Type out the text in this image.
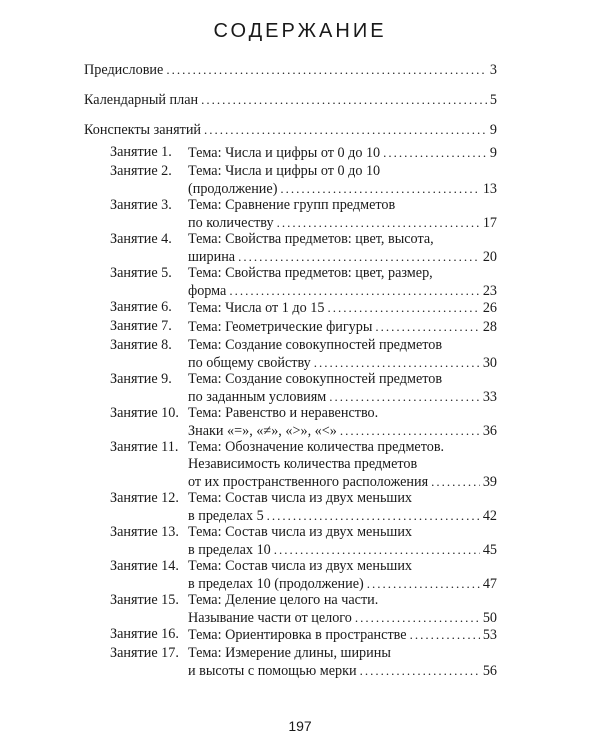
СОДЕРЖАНИЕ
Предисловие .....	3
Календарный план .....	5
Конспекты занятий .....	9
Занятие 1. Тема: Числа и цифры от 0 до 10 .....	9
Занятие 2. Тема: Числа и цифры от 0 до 10
(продолжение) .....	13
Занятие 3. Тема: Сравнение групп предметов
по количеству .....	17
Занятие 4. Тема: Свойства предметов: цвет, высота,
ширина .....	20
Занятие 5. Тема: Свойства предметов: цвет, размер,
форма .....	23
Занятие 6. Тема: Числа от 1 до 15 .....	26
Занятие 7. Тема: Геометрические фигуры .....	28
Занятие 8. Тема: Создание совокупностей предметов
по общему свойству .....	30
Занятие 9. Тема: Создание совокупностей предметов
по заданным условиям .....	33
Занятие 10. Тема: Равенство и неравенство.
Знаки «=», «≠», «>», «<» .....	36
Занятие 11. Тема: Обозначение количества предметов.
Независимость количества предметов
от их пространственного расположения .....	39
Занятие 12. Тема: Состав числа из двух меньших
в пределах 5 .....	42
Занятие 13. Тема: Состав числа из двух меньших
в пределах 10 .....	45
Занятие 14. Тема: Состав числа из двух меньших
в пределах 10 (продолжение) .....	47
Занятие 15. Тема: Деление целого на части.
Называние части от целого .....	50
Занятие 16. Тема: Ориентировка в пространстве .....	53
Занятие 17. Тема: Измерение длины, ширины
и высоты с помощью мерки .....	56
197
